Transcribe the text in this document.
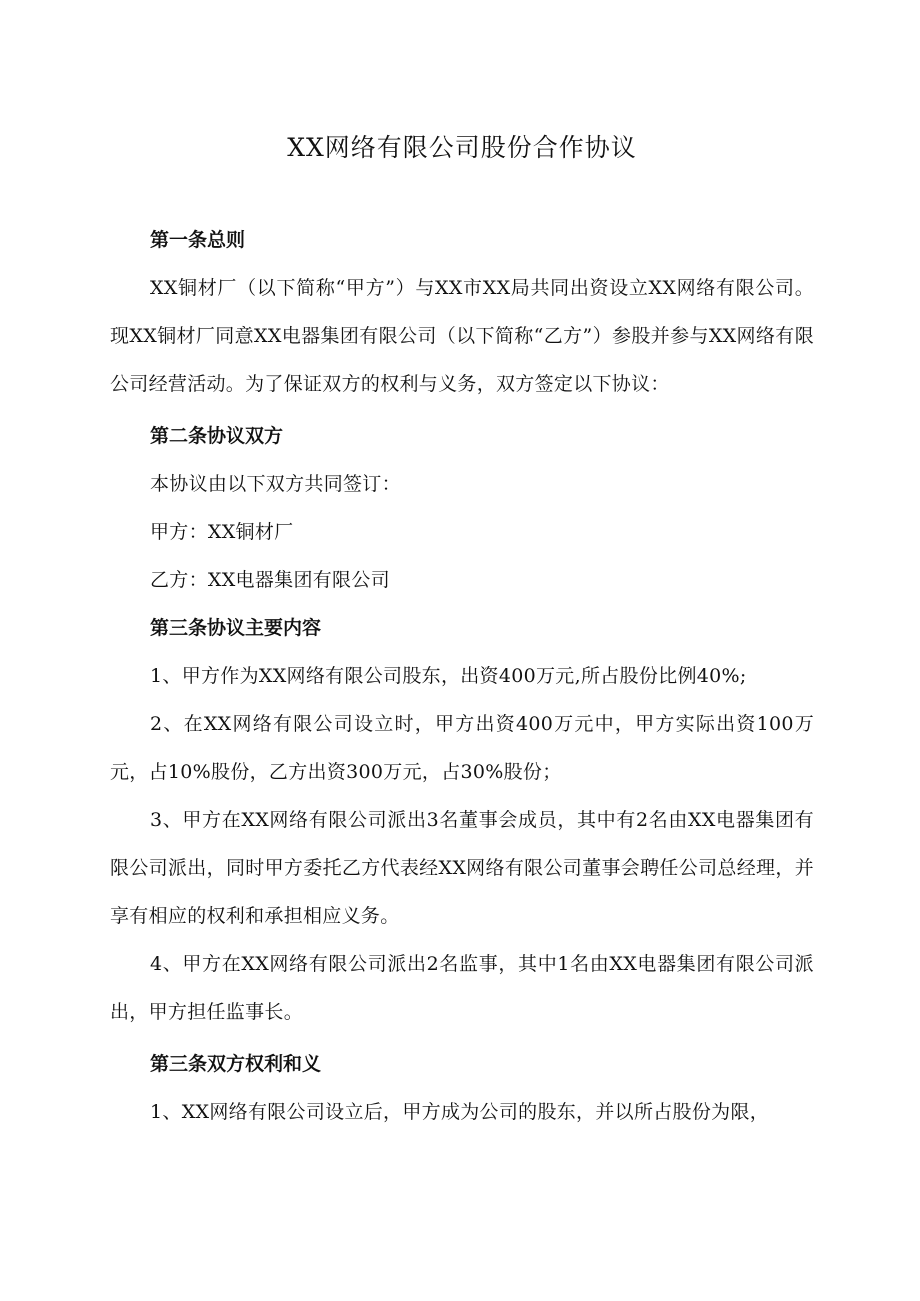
XX网络有限公司股份合作协议
第一条总则

XX铜材厂（以下简称“甲方”）与XX市XX局共同出资设立XX网络有限公司。现XX铜材厂同意XX电器集团有限公司（以下简称“乙方”）参股并参与XX网络有限公司经营活动。为了保证双方的权利与义务，双方签定以下协议：

第二条协议双方

本协议由以下双方共同签订：

甲方：XX铜材厂

乙方：XX电器集团有限公司

第三条协议主要内容

1、甲方作为XX网络有限公司股东，出资400万元,所占股份比例40%;

2、在XX网络有限公司设立时，甲方出资400万元中，甲方实际出资100万元，占10%股份，乙方出资300万元，占30%股份；

3、甲方在XX网络有限公司派出3名董事会成员，其中有2名由XX电器集团有限公司派出，同时甲方委托乙方代表经XX网络有限公司董事会聘任公司总经理，并享有相应的权利和承担相应义务。

4、甲方在XX网络有限公司派出2名监事，其中1名由XX电器集团有限公司派出，甲方担任监事长。

第三条双方权利和义

1、XX网络有限公司设立后，甲方成为公司的股东，并以所占股份为限，
